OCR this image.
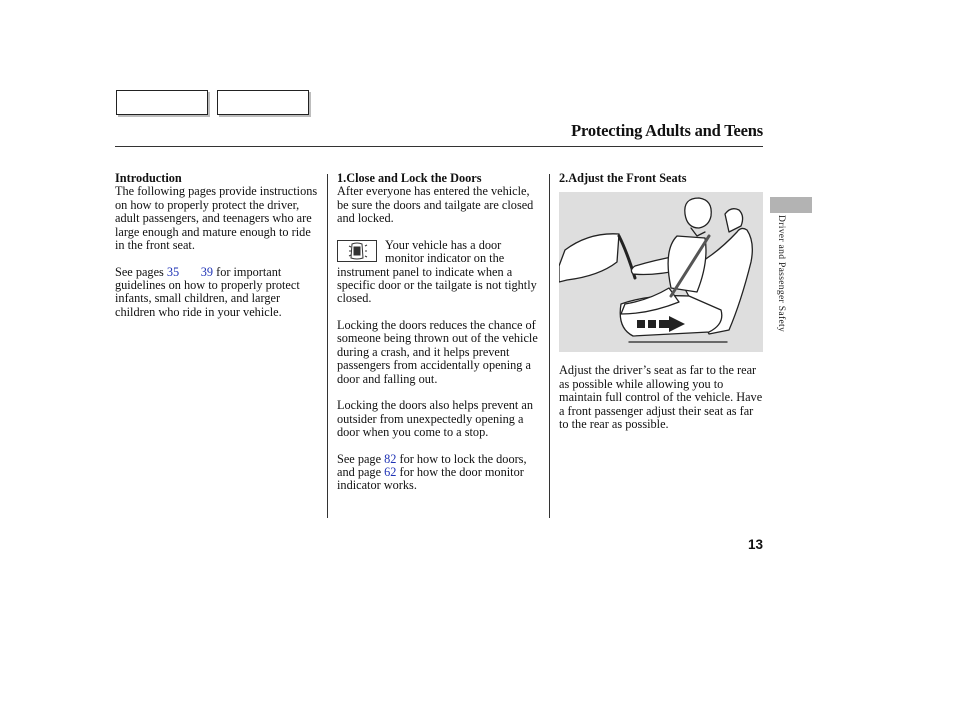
Protecting Adults and Teens
Introduction

The following pages provide instructions on how to properly protect the driver, adult passengers, and teenagers who are large enough and mature enough to ride in the front seat.

See pages 35 39 for important guidelines on how to properly protect infants, small children, and larger children who ride in your vehicle.

1.Close and Lock the Doors

After everyone has entered the vehicle, be sure the doors and tailgate are closed and locked.

Your vehicle has a door monitor indicator on the instrument panel to indicate when a specific door or the tailgate is not tightly closed.

Locking the doors reduces the chance of someone being thrown out of the vehicle during a crash, and it helps prevent passengers from accidentally opening a door and falling out.

Locking the doors also helps prevent an outsider from unexpectedly opening a door when you come to a stop.

See page 82 for how to lock the doors, and page 62 for how the door monitor indicator works.

2.Adjust the Front Seats

Adjust the driver’s seat as far to the rear as possible while allowing you to maintain full control of the vehicle. Have a front passenger adjust their seat as far to the rear as possible.

Driver and Passenger Safety
13
